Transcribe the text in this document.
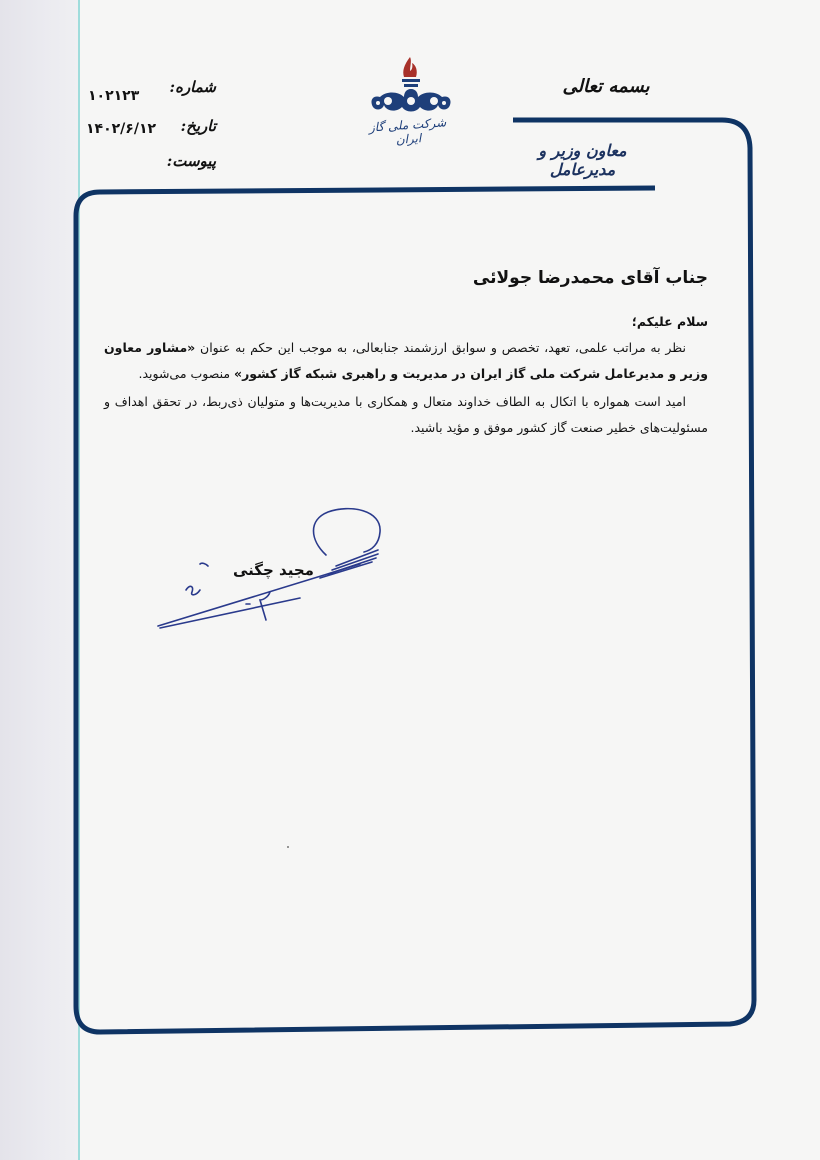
شماره:
۱۰۲۱۲۳
تاریخ:
۱۴۰۲/۶/۱۲
پیوست:
شرکت ملی گاز ایران
بسمه تعالی
معاون وزیر و مدیرعامل
جناب آقای محمدرضا جولائی
سلام علیکم؛

نظر به مراتب علمی، تعهد، تخصص و سوابق ارزشمند جنابعالی، به موجب این حکم به عنوان «مشاور معاون وزیر و مدیرعامل شرکت ملی گاز ایران در مدیریت و راهبری شبکه گاز کشور» منصوب می‌شوید.

امید است همواره با اتکال به الطاف خداوند متعال و همکاری با مدیریت‌ها و متولیان ذی‌ربط، در تحقق اهداف و مسئولیت‌های خطیر صنعت گاز کشور موفق و مؤید باشید.

مجید چگنی
